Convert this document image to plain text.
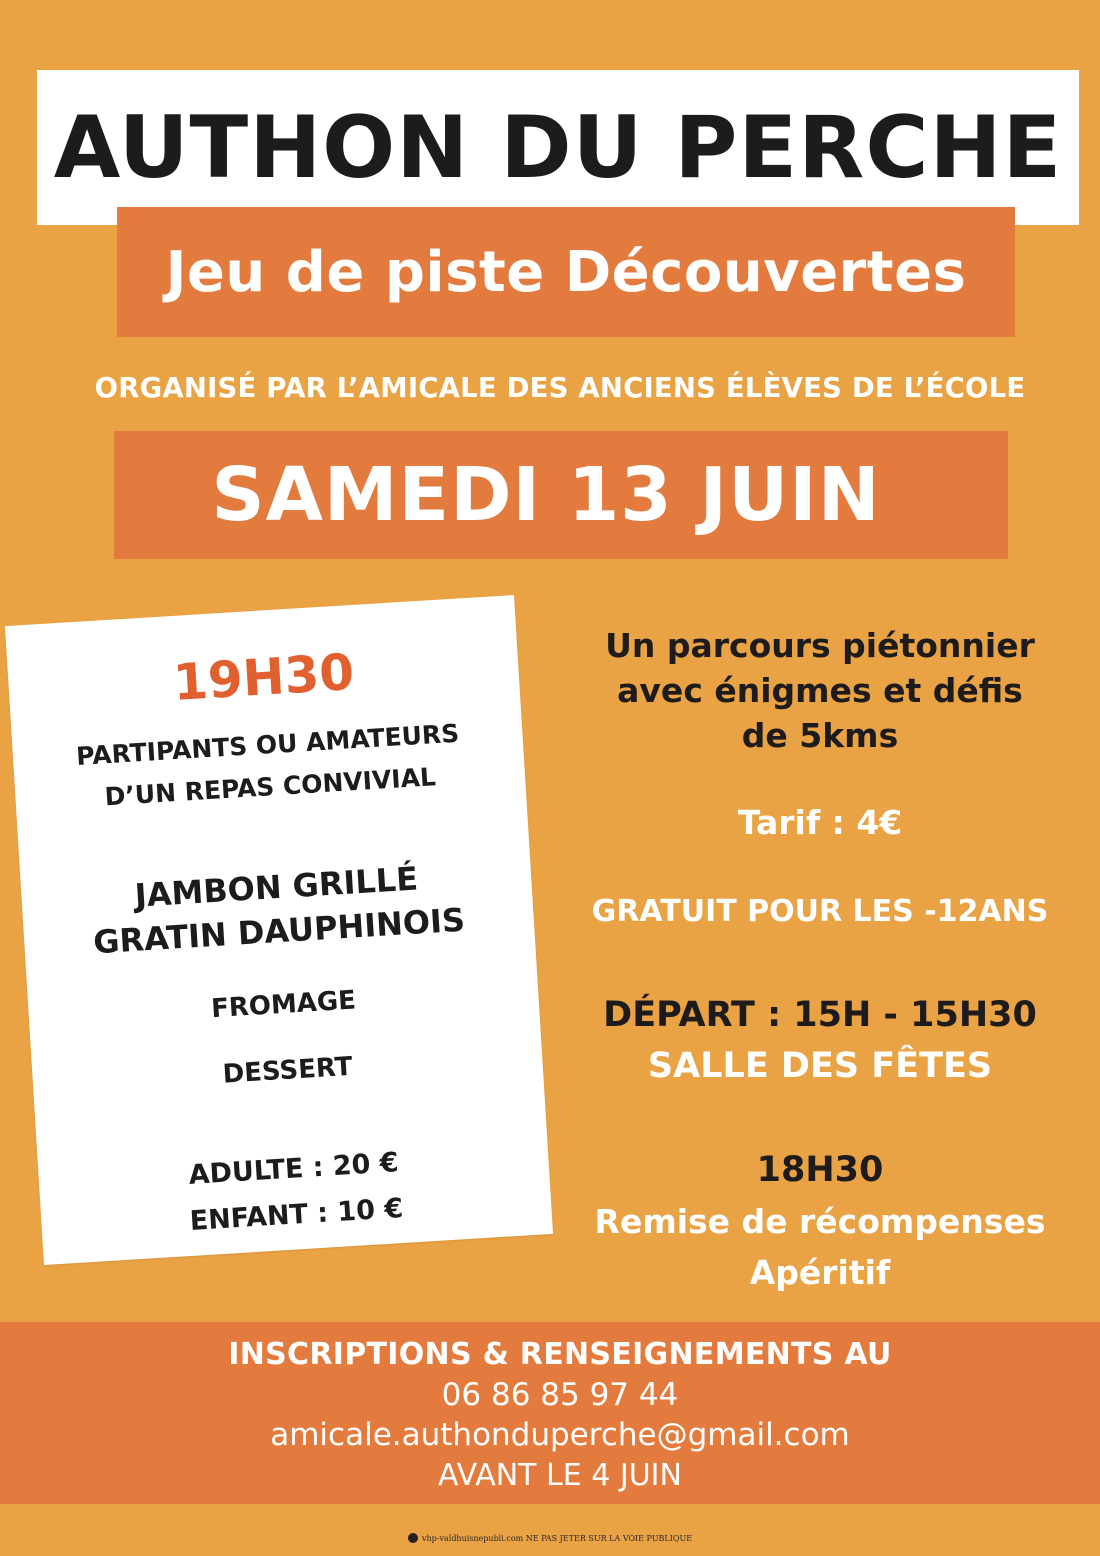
AUTHON DU PERCHE
Jeu de piste Découvertes
ORGANISÉ PAR L’AMICALE DES ANCIENS ÉLÈVES DE L’ÉCOLE
SAMEDI 13 JUIN
19H30
PARTIPANTS OU AMATEURS
D’UN REPAS CONVIVIAL
JAMBON GRILLÉ
GRATIN DAUPHINOIS
FROMAGE
DESSERT
ADULTE : 20 €
ENFANT : 10 €
Un parcours piétonnier
avec énigmes et défis
de 5kms
Tarif : 4€
GRATUIT POUR LES -12ANS
DÉPART : 15H - 15H30
SALLE DES FÊTES
18H30
Remise de récompenses
Apéritif
INSCRIPTIONS & RENSEIGNEMENTS AU
06 86 85 97 44
amicale.authonduperche@gmail.com
AVANT LE 4 JUIN
vhp-valdhuisnepubli.com NE PAS JETER SUR LA VOIE PUBLIQUE
